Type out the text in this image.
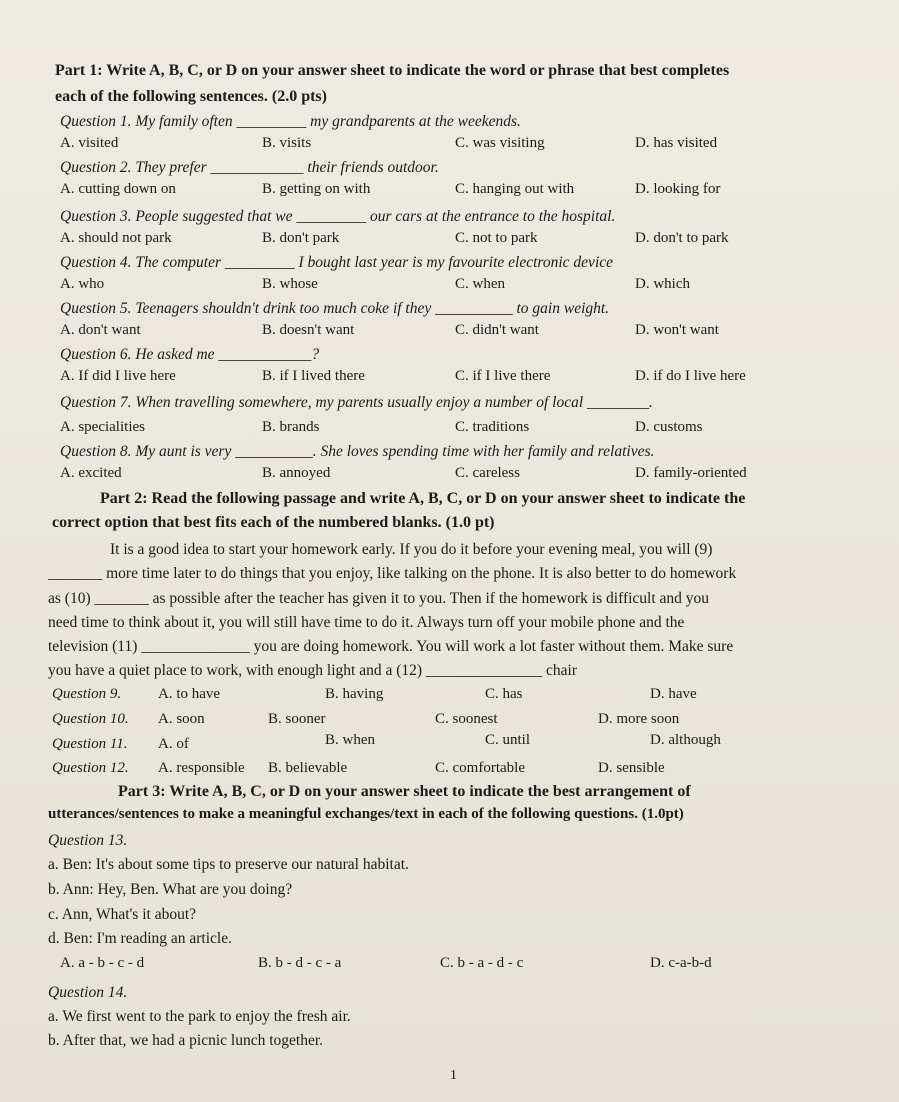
Part 1: Write A, B, C, or D on your answer sheet to indicate the word or phrase that best completes
each of the following sentences. (2.0 pts)
Question 1. My family often _________ my grandparents at the weekends.
A. visited	B. visits	C. was visiting	D. has visited
Question 2. They prefer ____________ their friends outdoor.
A. cutting down on	B. getting on with	C. hanging out with	D. looking for
Question 3. People suggested that we _________ our cars at the entrance to the hospital.
A. should not park	B. don't park	C. not to park	D. don't to park
Question 4. The computer _________ I bought last year is my favourite electronic device
A. who	B. whose	C. when	D. which
Question 5. Teenagers shouldn't drink too much coke if they __________ to gain weight.
A. don't want	B. doesn't want	C. didn't want	D. won't want
Question 6. He asked me ____________?
A. If did I live here	B. if I lived there	C. if I live there	D. if do I live here
Question 7. When travelling somewhere, my parents usually enjoy a number of local ________.
A. specialities	B. brands	C. traditions	D. customs
Question 8. My aunt is very __________. She loves spending time with her family and relatives.
A. excited	B. annoyed	C. careless	D. family-oriented
Part 2: Read the following passage and write A, B, C, or D on your answer sheet to indicate the
correct option that best fits each of the numbered blanks. (1.0 pt)
It is a good idea to start your homework early. If you do it before your evening meal, you will (9)
_______ more time later to do things that you enjoy, like talking on the phone. It is also better to do homework
as (10) _______ as possible after the teacher has given it to you. Then if the homework is difficult and you
need time to think about it, you will still have time to do it. Always turn off your mobile phone and the
television (11) ______________ you are doing homework. You will work a lot faster without them. Make sure
you have a quiet place to work, with enough light and a (12) _______________ chair
Question 9. A. to have	B. having	C. has	D. have
Question 10. A. soon	B. sooner	C. soonest	D. more soon
Question 11. A. of	B. when	C. until	D. although
Question 12. A. responsible B. believable	C. comfortable	D. sensible
Part 3: Write A, B, C, or D on your answer sheet to indicate the best arrangement of
utterances/sentences to make a meaningful exchanges/text in each of the following questions. (1.0pt)
Question 13.
a. Ben: It's about some tips to preserve our natural habitat.
b. Ann: Hey, Ben. What are you doing?
c. Ann, What's it about?
d. Ben: I'm reading an article.
A. a - b - c - d	B. b - d - c - a	C. b - a - d - c	D. c-a-b-d
Question 14.
a. We first went to the park to enjoy the fresh air.
b. After that, we had a picnic lunch together.
1
